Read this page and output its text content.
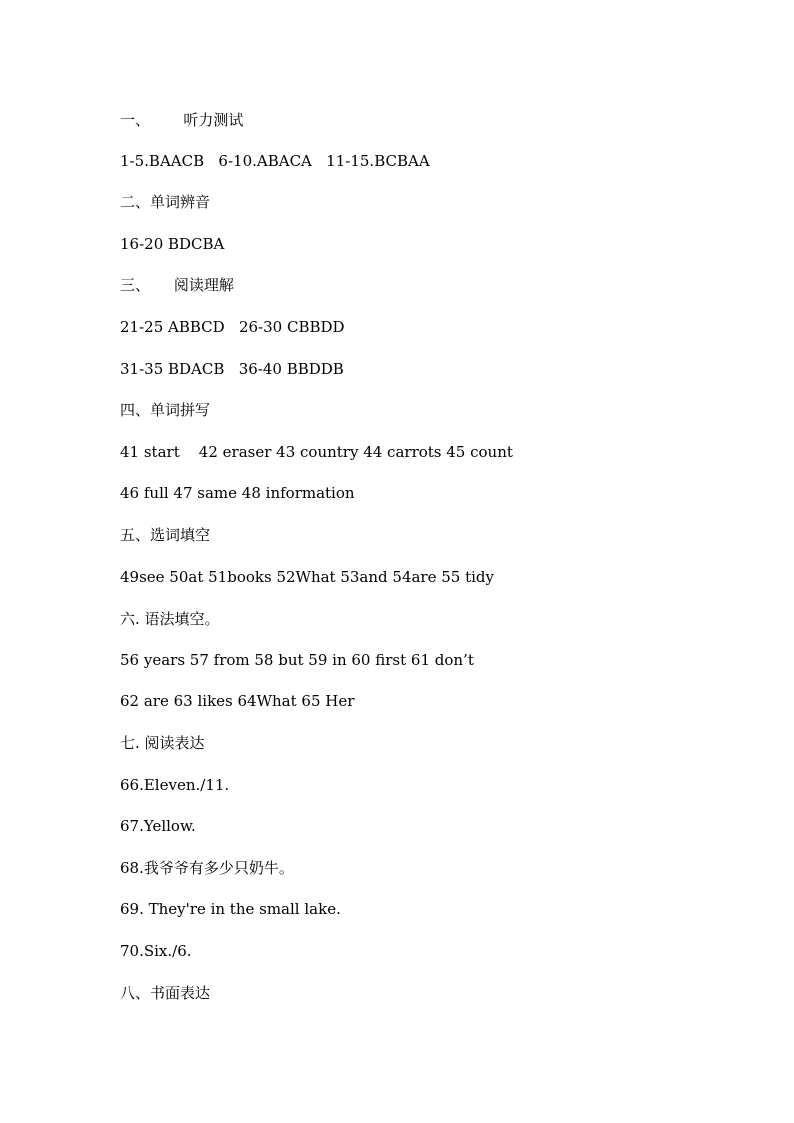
一、       听力测试
1-5.BAACB   6-10.ABACA   11-15.BCBAA
二、单词辨音
16-20 BDCBA
三、     阅读理解
21-25 ABBCD   26-30 CBBDD
31-35 BDACB   36-40 BBDDB
四、单词拼写
41 start    42 eraser 43 country 44 carrots 45 count
46 full 47 same 48 information
五、选词填空
49see 50at 51books 52What 53and 54are 55 tidy
六. 语法填空。
56 years 57 from 58 but 59 in 60 first 61 don’t
62 are 63 likes 64What 65 Her
七. 阅读表达
66.Eleven./11.
67.Yellow.
68.我爷爷有多少只奶牛。
69. They're in the small lake.
70.Six./6.
八、书面表达
